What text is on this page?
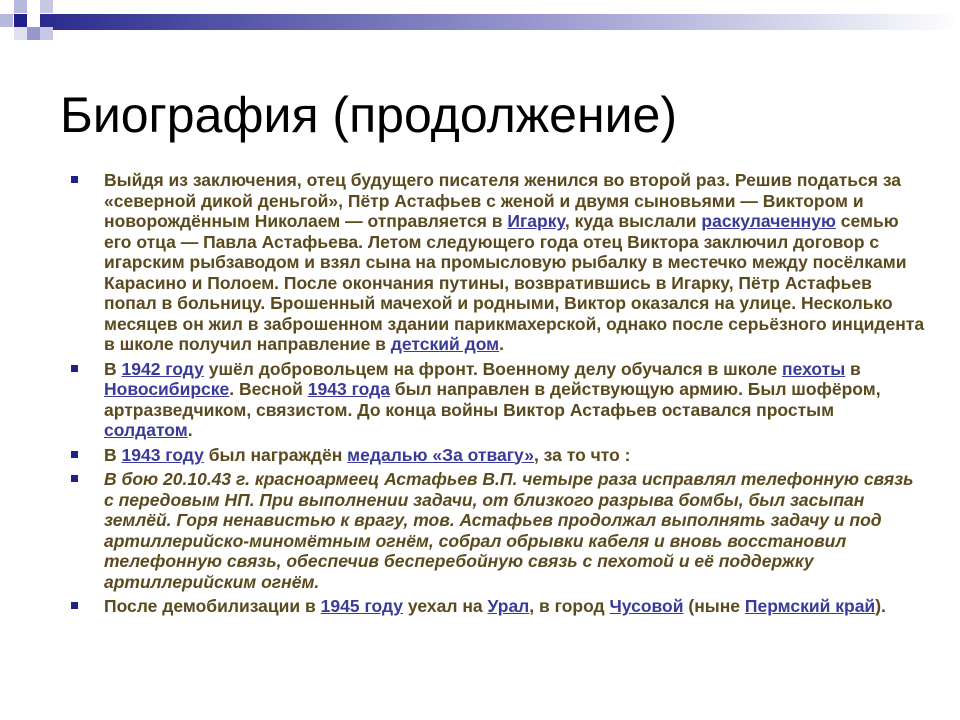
Биография (продолжение)
Выйдя из заключения, отец будущего писателя женился во второй раз. Решив податься за «северной дикой деньгой», Пётр Астафьев с женой и двумя сыновьями — Виктором и новорождённым Николаем — отправляется в Игарку, куда выслали раскулаченную семью его отца — Павла Астафьева. Летом следующего года отец Виктора заключил договор с игарским рыбзаводом и взял сына на промысловую рыбалку в местечко между посёлками Карасино и Полоем. После окончания путины, возвратившись в Игарку, Пётр Астафьев попал в больницу. Брошенный мачехой и родными, Виктор оказался на улице. Несколько месяцев он жил в заброшенном здании парикмахерской, однако после серьёзного инцидента в школе получил направление в детский дом.
В 1942 году ушёл добровольцем на фронт. Военному делу обучался в школе пехоты в Новосибирске. Весной 1943 года был направлен в действующую армию. Был шофёром, артразведчиком, связистом. До конца войны Виктор Астафьев оставался простым солдатом.
В 1943 году был награждён медалью «За отвагу», за то что :
В бою 20.10.43 г. красноармеец Астафьев В.П. четыре раза исправлял телефонную связь с передовым НП. При выполнении задачи, от близкого разрыва бомбы, был засыпан землёй. Горя ненавистью к врагу, тов. Астафьев продолжал выполнять задачу и под артиллерийско-миномётным огнём, собрал обрывки кабеля и вновь восстановил телефонную связь, обеспечив бесперебойную связь с пехотой и её поддержку артиллерийским огнём.
После демобилизации в 1945 году уехал на Урал, в город Чусовой (ныне Пермский край).
